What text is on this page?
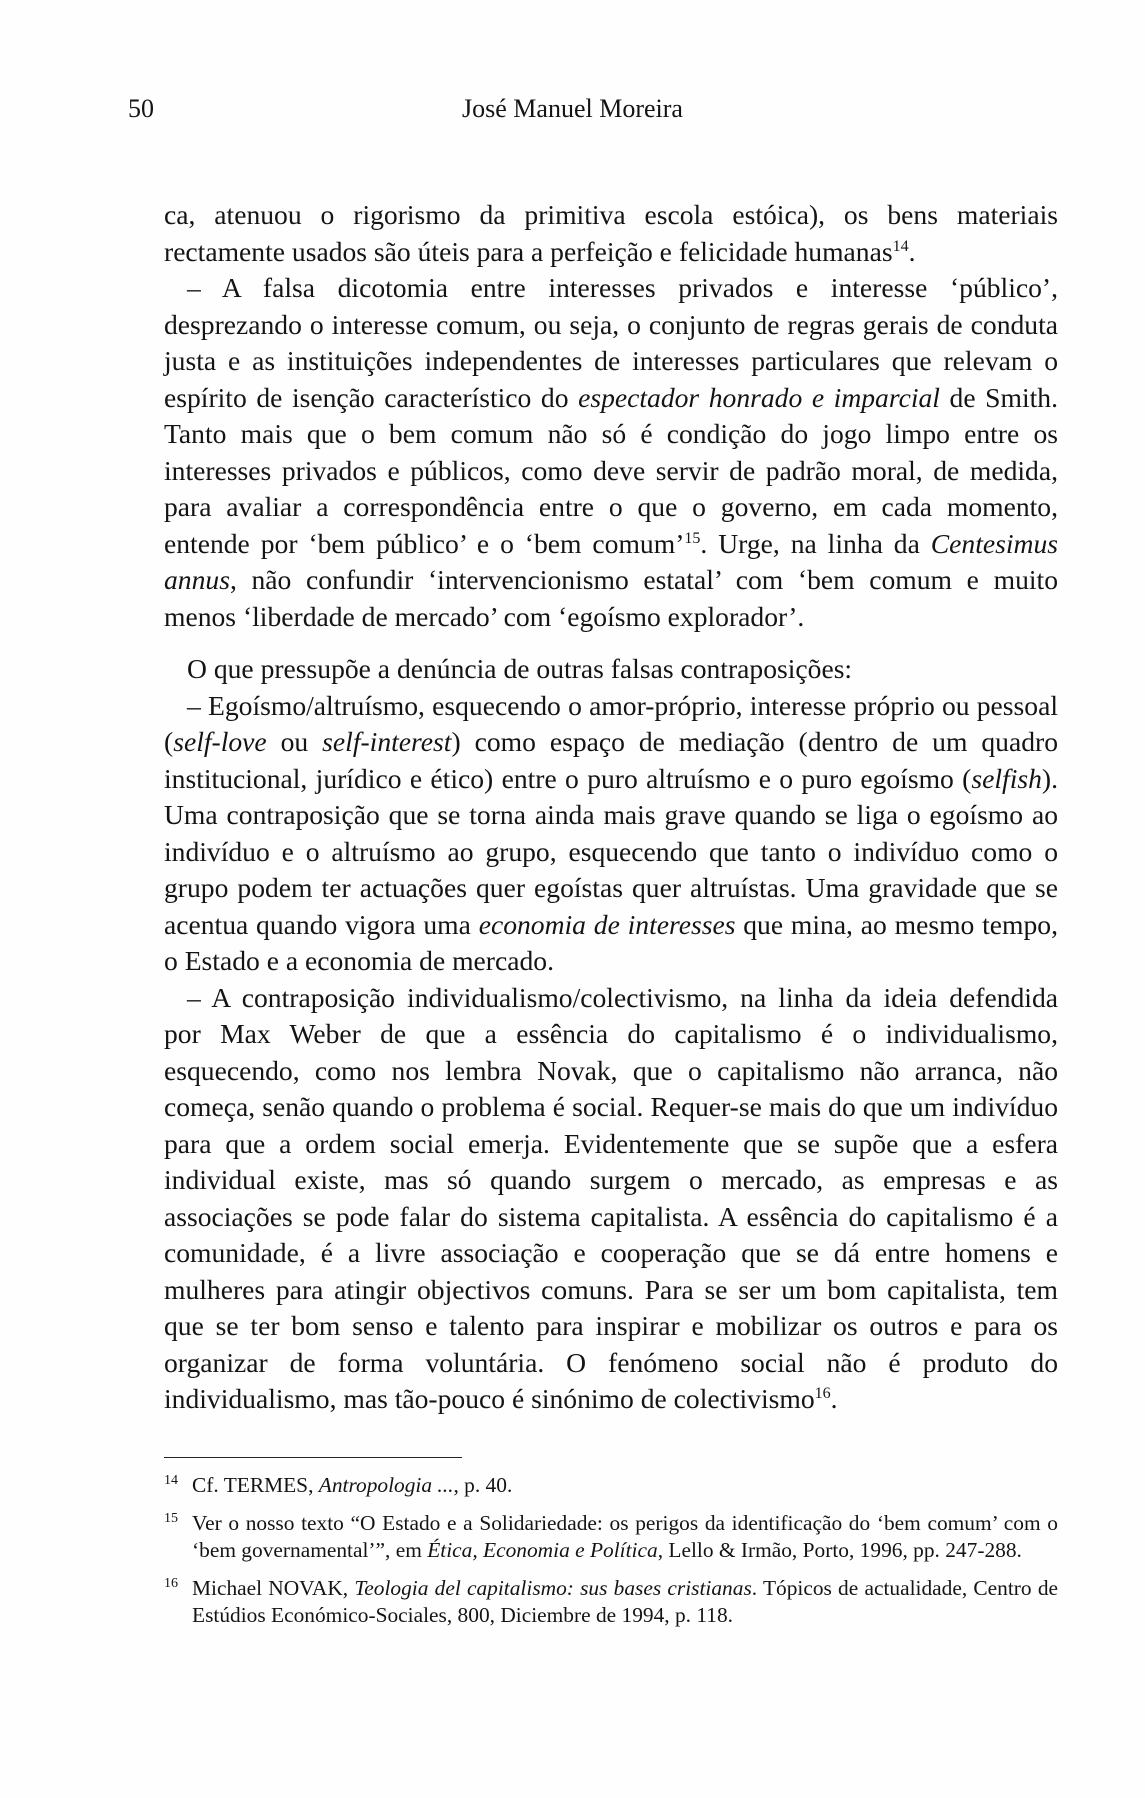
50	José Manuel Moreira

ca, atenuou o rigorismo da primitiva escola estóica), os bens materiais rectamente usados são úteis para a perfeição e felicidade humanas$^{14}$.

– A falsa dicotomia entre interesses privados e interesse ‘público’, desprezando o interesse comum, ou seja, o conjunto de regras gerais de conduta justa e as instituições independentes de interesses particulares que relevam o espírito de isenção característico do espectador honrado e imparcial de Smith. Tanto mais que o bem comum não só é condição do jogo limpo entre os interesses privados e públicos, como deve servir de padrão moral, de medida, para avaliar a correspondência entre o que o governo, em cada momento, entende por ‘bem público’ e o ‘bem comum’$^{15}$. Urge, na linha da Centesimus annus, não confundir ‘intervencionismo estatal’ com ‘bem comum e muito menos ‘liberdade de mercado’ com ‘egoísmo explorador’.

O que pressupõe a denúncia de outras falsas contraposições:

– Egoísmo/altruísmo, esquecendo o amor-próprio, interesse próprio ou pessoal (self-love ou self-interest) como espaço de mediação (dentro de um quadro institucional, jurídico e ético) entre o puro altruísmo e o puro egoísmo (selfish). Uma contraposição que se torna ainda mais grave quando se liga o egoísmo ao indivíduo e o altruísmo ao grupo, esquecendo que tanto o indivíduo como o grupo podem ter actuações quer egoístas quer altruístas. Uma gravidade que se acentua quando vigora uma economia de interesses que mina, ao mesmo tempo, o Estado e a economia de mercado.

– A contraposição individualismo/colectivismo, na linha da ideia defendida por Max Weber de que a essência do capitalismo é o individualismo, esquecendo, como nos lembra Novak, que o capitalismo não arranca, não começa, senão quando o problema é social. Requer-se mais do que um indivíduo para que a ordem social emerja. Evidentemente que se supõe que a esfera individual existe, mas só quando surgem o mercado, as empresas e as associações se pode falar do sistema capitalista. A essência do capitalismo é a comunidade, é a livre associação e cooperação que se dá entre homens e mulheres para atingir objectivos comuns. Para se ser um bom capitalista, tem que se ter bom senso e talento para inspirar e mobilizar os outros e para os organizar de forma voluntária. O fenómeno social não é produto do individualismo, mas tão-pouco é sinónimo de colectivismo$^{16}$.

14 Cf. TERMES, Antropologia ..., p. 40.
15 Ver o nosso texto “O Estado e a Solidariedade: os perigos da identificação do ‘bem comum’ com o ‘bem governamental’”, em Ética, Economia e Política, Lello & Irmão, Porto, 1996, pp. 247-288.
16 Michael NOVAK, Teologia del capitalismo: sus bases cristianas. Tópicos de actualidade, Centro de Estúdios Económico-Sociales, 800, Diciembre de 1994, p. 118.
